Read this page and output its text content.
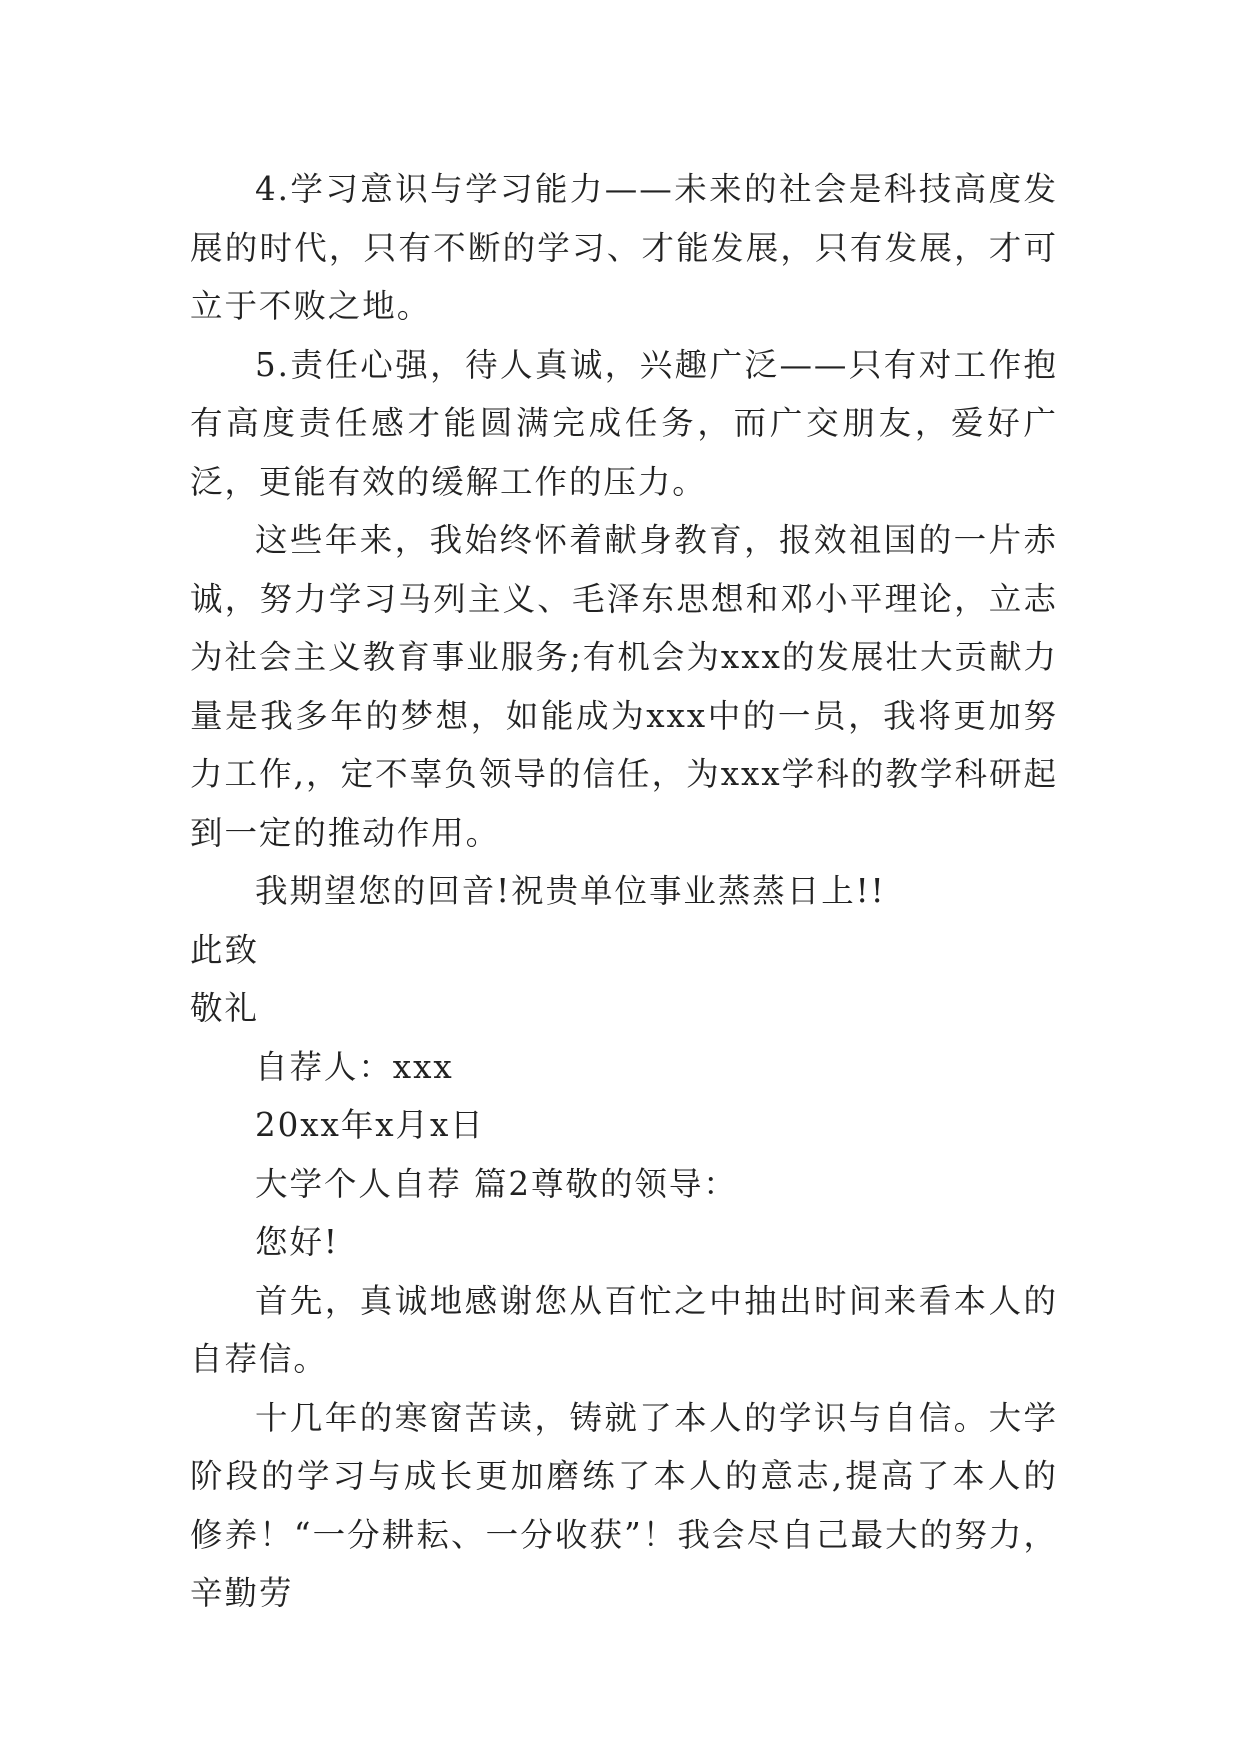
4.学习意识与学习能力——未来的社会是科技高度发展的时代，只有不断的学习、才能发展，只有发展，才可立于不败之地。

5.责任心强，待人真诚，兴趣广泛——只有对工作抱有高度责任感才能圆满完成任务，而广交朋友，爱好广泛，更能有效的缓解工作的压力。

这些年来，我始终怀着献身教育，报效祖国的一片赤诚，努力学习马列主义、毛泽东思想和邓小平理论，立志为社会主义教育事业服务;有机会为xxx的发展壮大贡献力量是我多年的梦想，如能成为xxx中的一员，我将更加努力工作,，定不辜负领导的信任，为xxx学科的教学科研起到一定的推动作用。

我期望您的回音!祝贵单位事业蒸蒸日上!!

此致

敬礼

自荐人：xxx

20xx年x月x日

大学个人自荐 篇2尊敬的领导：

您好!

首先，真诚地感谢您从百忙之中抽出时间来看本人的自荐信。

十几年的寒窗苦读，铸就了本人的学识与自信。大学阶段的学习与成长更加磨练了本人的意志,提高了本人的修养！“一分耕耘、一分收获”！我会尽自己最大的努力，辛勤劳
